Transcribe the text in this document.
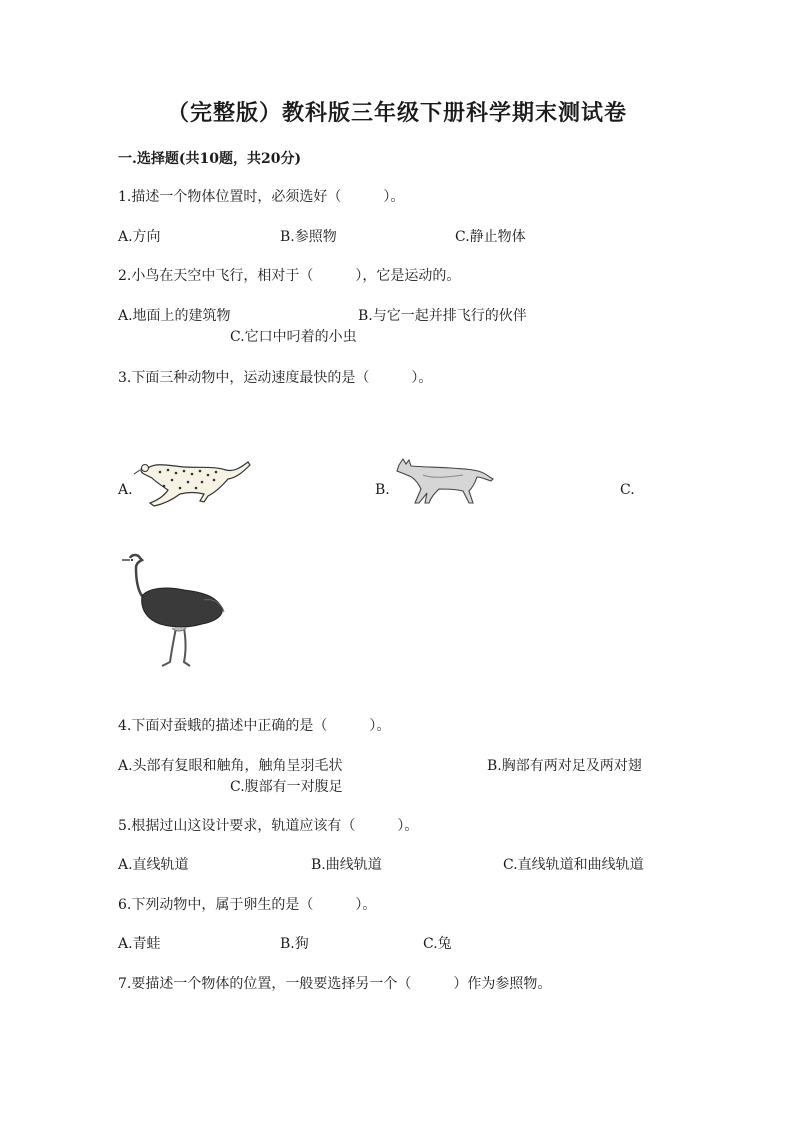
（完整版）教科版三年级下册科学期末测试卷
一.选择题(共10题，共20分)
1.描述一个物体位置时，必须选好（　　　）。
A.方向	B.参照物	C.静止物体
2.小鸟在天空中飞行，相对于（　　　），它是运动的。
A.地面上的建筑物	B.与它一起并排飞行的伙伴
C.它口中叼着的小虫
3.下面三种动物中，运动速度最快的是（　　　）。
A.	B.	C.
4.下面对蚕蛾的描述中正确的是（　　　）。
A.头部有复眼和触角，触角呈羽毛状	B.胸部有两对足及两对翅
C.腹部有一对腹足
5.根据过山这设计要求，轨道应该有（　　　）。
A.直线轨道	B.曲线轨道	C.直线轨道和曲线轨道
6.下列动物中，属于卵生的是（　　　）。
A.青蛙	B.狗	C.兔
7.要描述一个物体的位置，一般要选择另一个（　　　）作为参照物。
